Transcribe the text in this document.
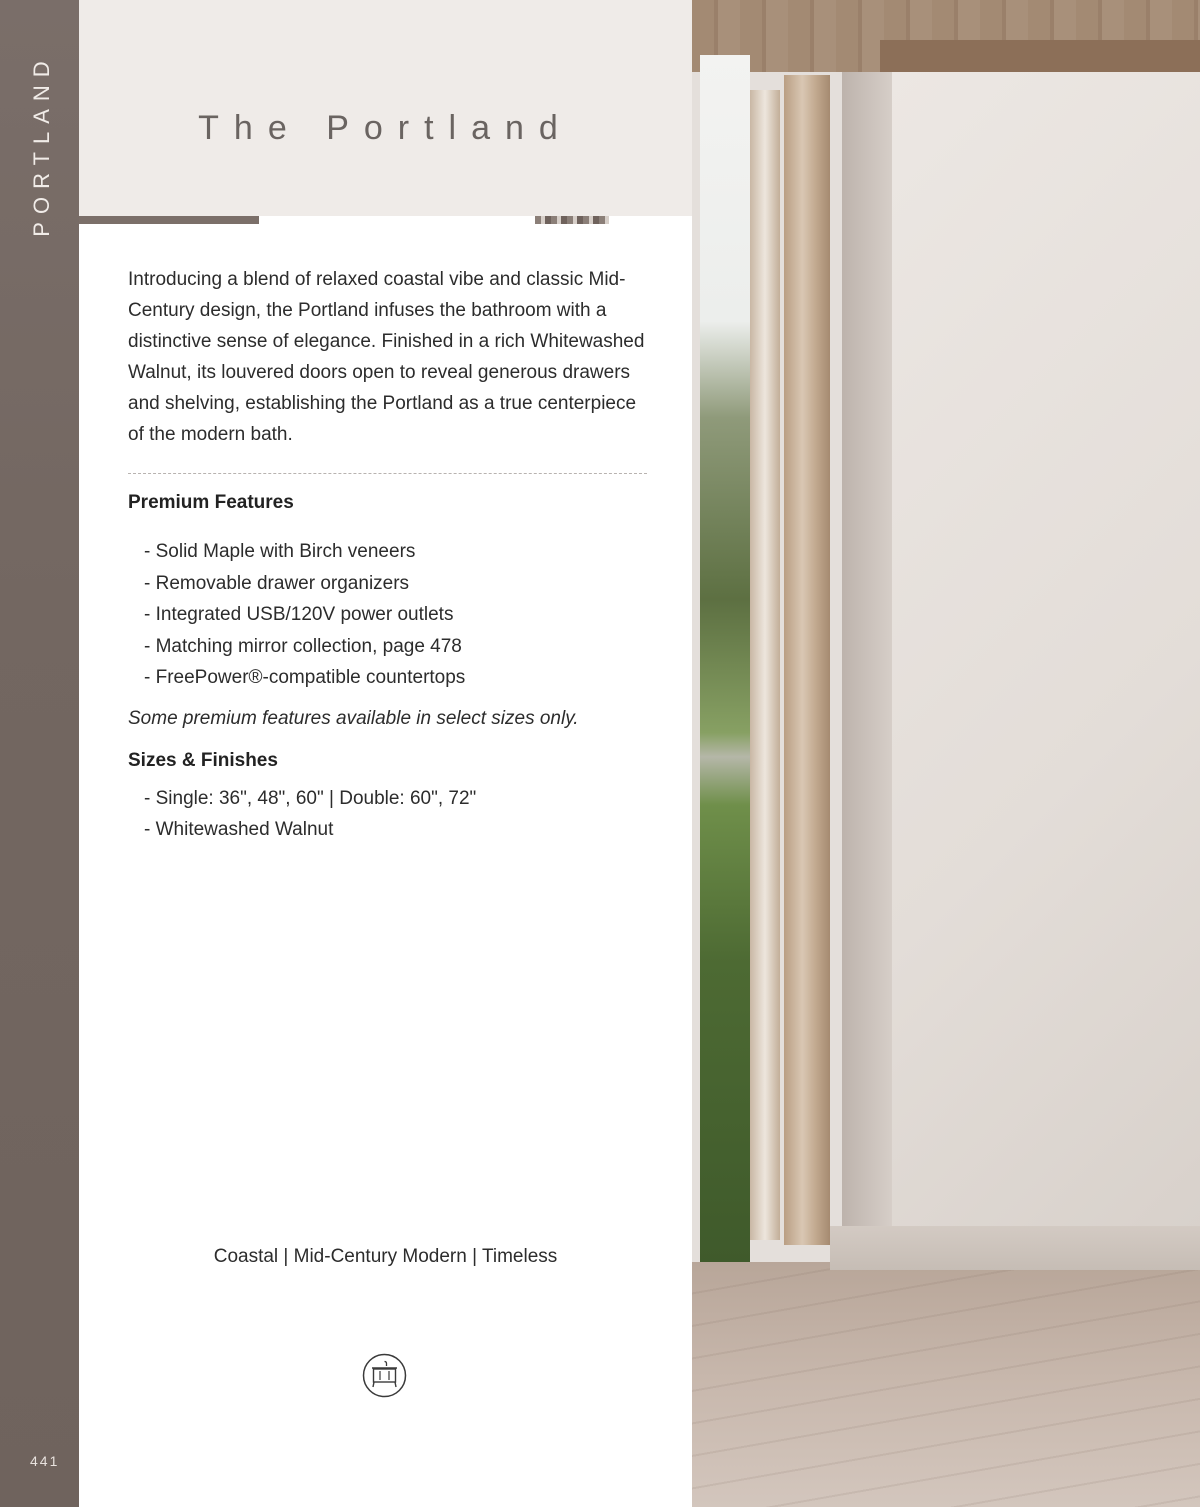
PORTLAND
441
The Portland

Introducing a blend of relaxed coastal vibe and classic Mid-Century design, the Portland infuses the bathroom with a distinctive sense of elegance. Finished in a rich Whitewashed Walnut, its louvered doors open to reveal generous drawers and shelving, establishing the Portland as a true centerpiece of the modern bath.

Premium Features
- Solid Maple with Birch veneers
- Removable drawer organizers
- Integrated USB/120V power outlets
- Matching mirror collection, page 478
- FreePower®-compatible countertops

Some premium features available in select sizes only.

Sizes & Finishes
- Single: 36", 48", 60" | Double: 60", 72"
- Whitewashed Walnut
Coastal | Mid-Century Modern | Timeless
